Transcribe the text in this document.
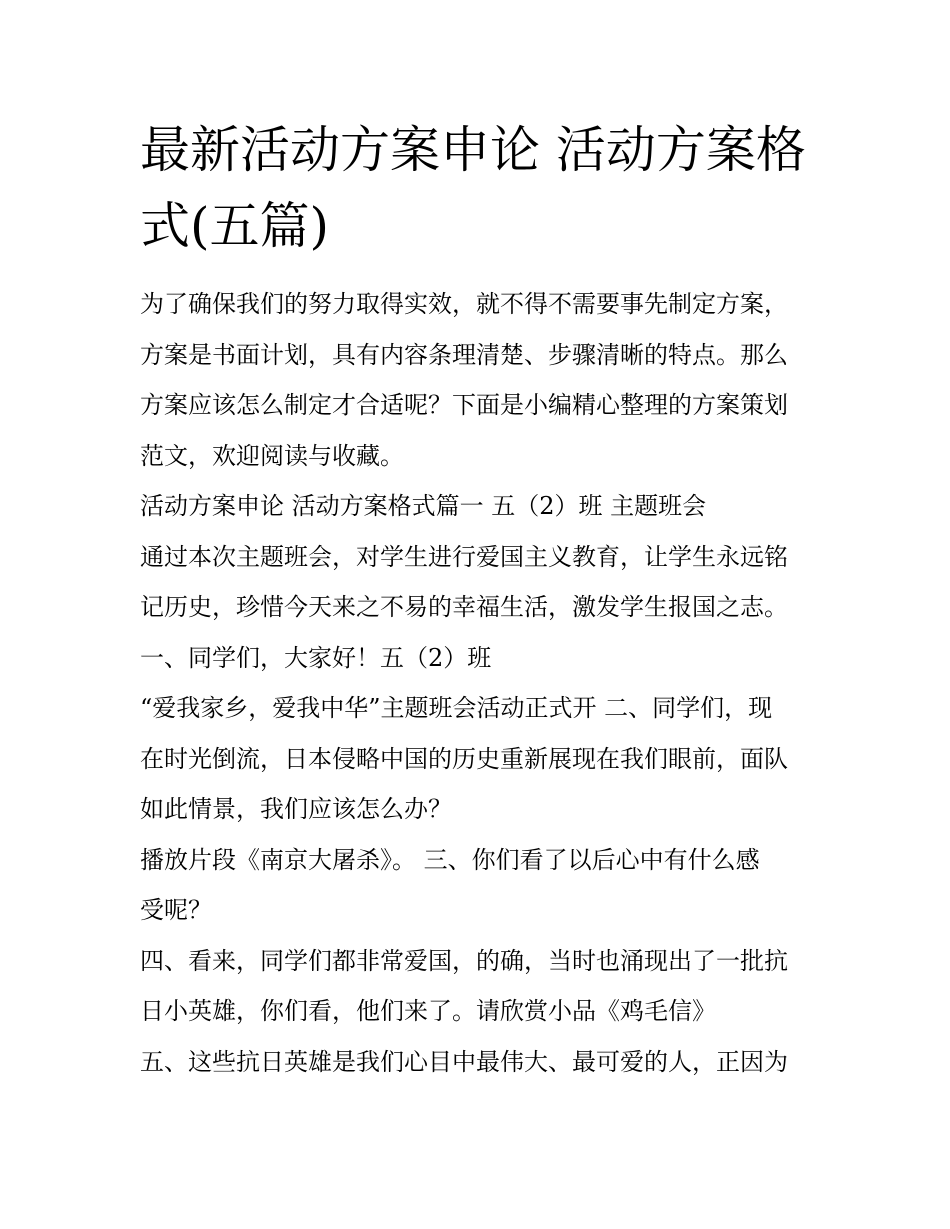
最新活动方案申论 活动方案格
式(五篇)
为了确保我们的努力取得实效，就不得不需要事先制定方案，
方案是书面计划，具有内容条理清楚、步骤清晰的特点。那么
方案应该怎么制定才合适呢？下面是小编精心整理的方案策划
范文，欢迎阅读与收藏。
活动方案申论 活动方案格式篇一 五（2）班 主题班会
通过本次主题班会，对学生进行爱国主义教育，让学生永远铭
记历史，珍惜今天来之不易的幸福生活，激发学生报国之志。
一、同学们，大家好！五（2）班
“爱我家乡，爱我中华”主题班会活动正式开 二、同学们，现
在时光倒流，日本侵略中国的历史重新展现在我们眼前，面队
如此情景，我们应该怎么办？
播放片段《南京大屠杀》。 三、你们看了以后心中有什么感
受呢？
四、看来，同学们都非常爱国，的确，当时也涌现出了一批抗
日小英雄，你们看，他们来了。请欣赏小品《鸡毛信》
五、这些抗日英雄是我们心目中最伟大、最可爱的人，正因为
